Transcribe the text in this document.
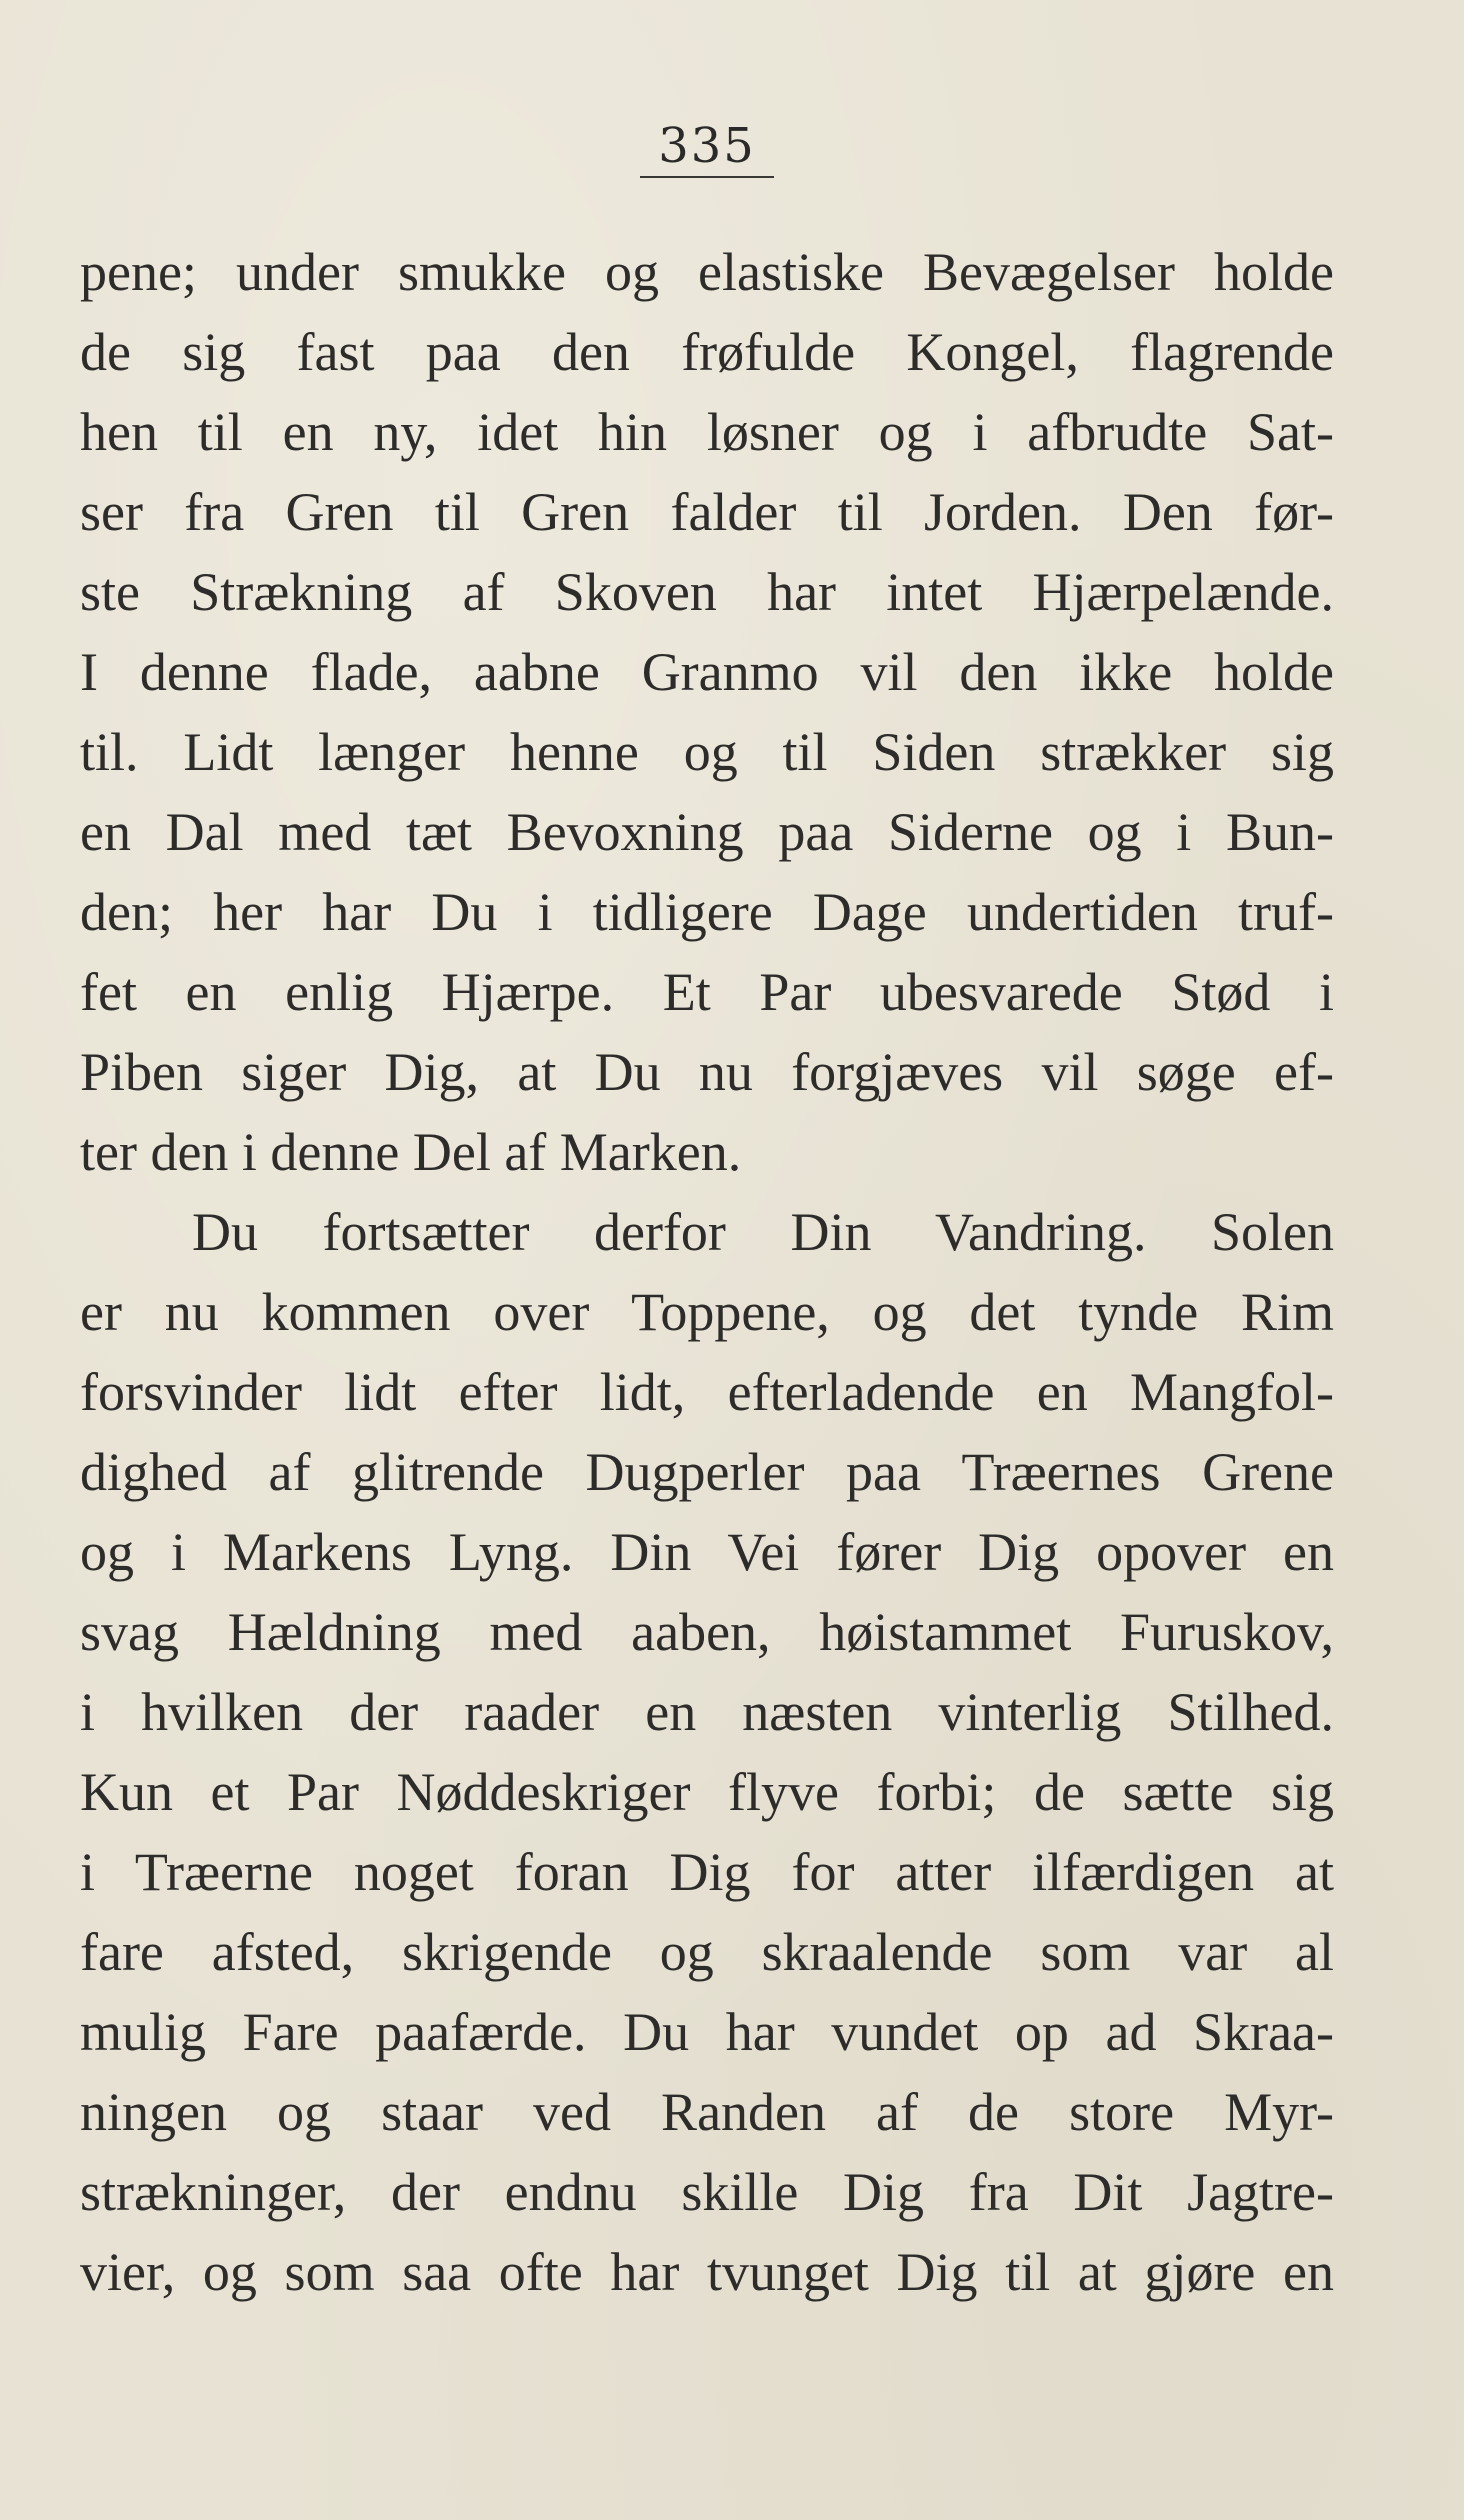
335
pene; under smukke og elastiske Bevægelser holde
de sig fast paa den frøfulde Kongel, flagrende
hen til en ny, idet hin løsner og i afbrudte Sat-
ser fra Gren til Gren falder til Jorden. Den før-
ste Strækning af Skoven har intet Hjærpelænde.
I denne flade, aabne Granmo vil den ikke holde
til. Lidt længer henne og til Siden strækker sig
en Dal med tæt Bevoxning paa Siderne og i Bun-
den; her har Du i tidligere Dage undertiden truf-
fet en enlig Hjærpe. Et Par ubesvarede Stød i
Piben siger Dig, at Du nu forgjæves vil søge ef-
ter den i denne Del af Marken.
Du fortsætter derfor Din Vandring. Solen
er nu kommen over Toppene, og det tynde Rim
forsvinder lidt efter lidt, efterladende en Mangfol-
dighed af glitrende Dugperler paa Træernes Grene
og i Markens Lyng. Din Vei fører Dig opover en
svag Hældning med aaben, høistammet Furuskov,
i hvilken der raader en næsten vinterlig Stilhed.
Kun et Par Nøddeskriger flyve forbi; de sætte sig
i Træerne noget foran Dig for atter ilfærdigen at
fare afsted, skrigende og skraalende som var al
mulig Fare paafærde. Du har vundet op ad Skraa-
ningen og staar ved Randen af de store Myr-
strækninger, der endnu skille Dig fra Dit Jagtre-
vier, og som saa ofte har tvunget Dig til at gjøre en
